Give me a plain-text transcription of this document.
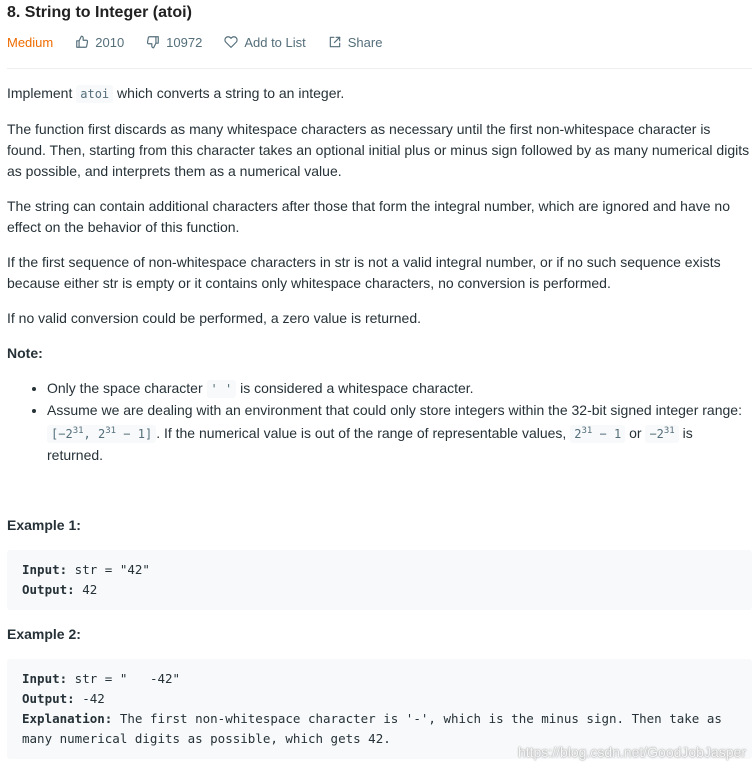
8. String to Integer (atoi)
Medium	2010	10972	Add to List	Share

Implement atoi which converts a string to an integer.

The function first discards as many whitespace characters as necessary until the first non-whitespace character is found. Then, starting from this character takes an optional initial plus or minus sign followed by as many numerical digits as possible, and interprets them as a numerical value.

The string can contain additional characters after those that form the integral number, which are ignored and have no effect on the behavior of this function.

If the first sequence of non-whitespace characters in str is not a valid integral number, or if no such sequence exists because either str is empty or it contains only whitespace characters, no conversion is performed.

If no valid conversion could be performed, a zero value is returned.

Note:

• Only the space character ' ' is considered a whitespace character.
• Assume we are dealing with an environment that could only store integers within the 32-bit signed integer range: [$-2^{31}$, $2^{31} - 1$] . If the numerical value is out of the range of representable values, $2^{31} - 1$ or $-2^{31}$ is returned.

Example 1:

Input: str = "42"
Output: 42

Example 2:

Input: str = "   -42"
Output: -42
Explanation: The first non-whitespace character is '-', which is the minus sign. Then take as many numerical digits as possible, which gets 42.
https://blog.csdn.net/GoodJobJasper
